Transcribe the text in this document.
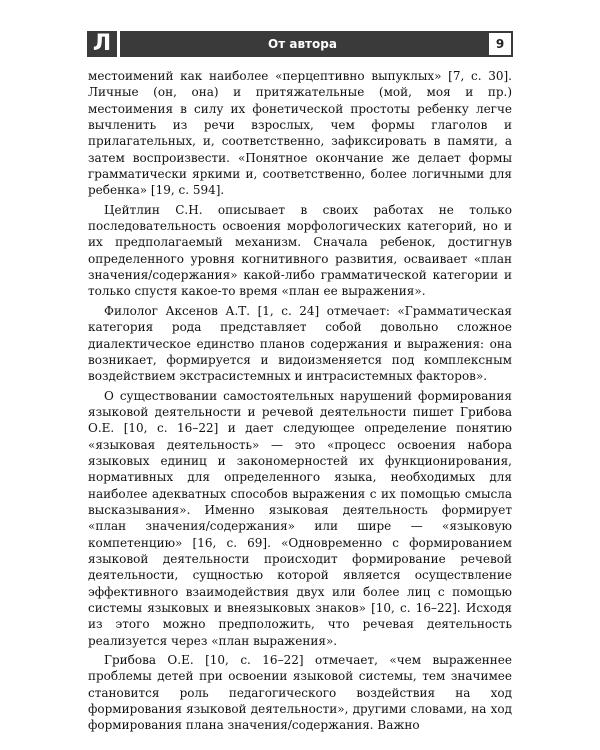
Л	От автора	9

местоимений как наиболее «перцептивно выпуклых» [7, с. 30]. Личные (он, она) и притяжательные (мой, моя и пр.) местоимения в силу их фонетической простоты ребенку легче вычленить из речи взрослых, чем формы глаголов и прилагательных, и, соответственно, зафиксировать в памяти, а затем воспроизвести. «Понятное окончание же делает формы грамматически яркими и, соответственно, более логичными для ребенка» [19, с. 594].

Цейтлин С.Н. описывает в своих работах не только последовательность освоения морфологических категорий, но и их предполагаемый механизм. Сначала ребенок, достигнув определенного уровня когнитивного развития, осваивает «план значения/содержания» какой-либо грамматической категории и только спустя какое-то время «план ее выражения».

Филолог Аксенов А.Т. [1, с. 24] отмечает: «Грамматическая категория рода представляет собой довольно сложное диалектическое единство планов содержания и выражения: она возникает, формируется и видоизменяется под комплексным воздействием экстрасистемных и интрасистемных факторов».

О существовании самостоятельных нарушений формирования языковой деятельности и речевой деятельности пишет Грибова О.Е. [10, с. 16–22] и дает следующее определение понятию «языковая деятельность» — это «процесс освоения набора языковых единиц и закономерностей их функционирования, нормативных для определенного языка, необходимых для наиболее адекватных способов выражения с их помощью смысла высказывания». Именно языковая деятельность формирует «план значения/содержания» или шире — «языковую компетенцию» [16, с. 69]. «Одновременно с формированием языковой деятельности происходит формирование речевой деятельности, сущностью которой является осуществление эффективного взаимодействия двух или более лиц с помощью системы языковых и внеязыковых знаков» [10, с. 16–22]. Исходя из этого можно предположить, что речевая деятельность реализуется через «план выражения».

Грибова О.Е. [10, с. 16–22] отмечает, «чем выраженнее проблемы детей при освоении языковой системы, тем значимее становится роль педагогического воздействия на ход формирования языковой деятельности», другими словами, на ход формирования плана значения/содержания. Важно
